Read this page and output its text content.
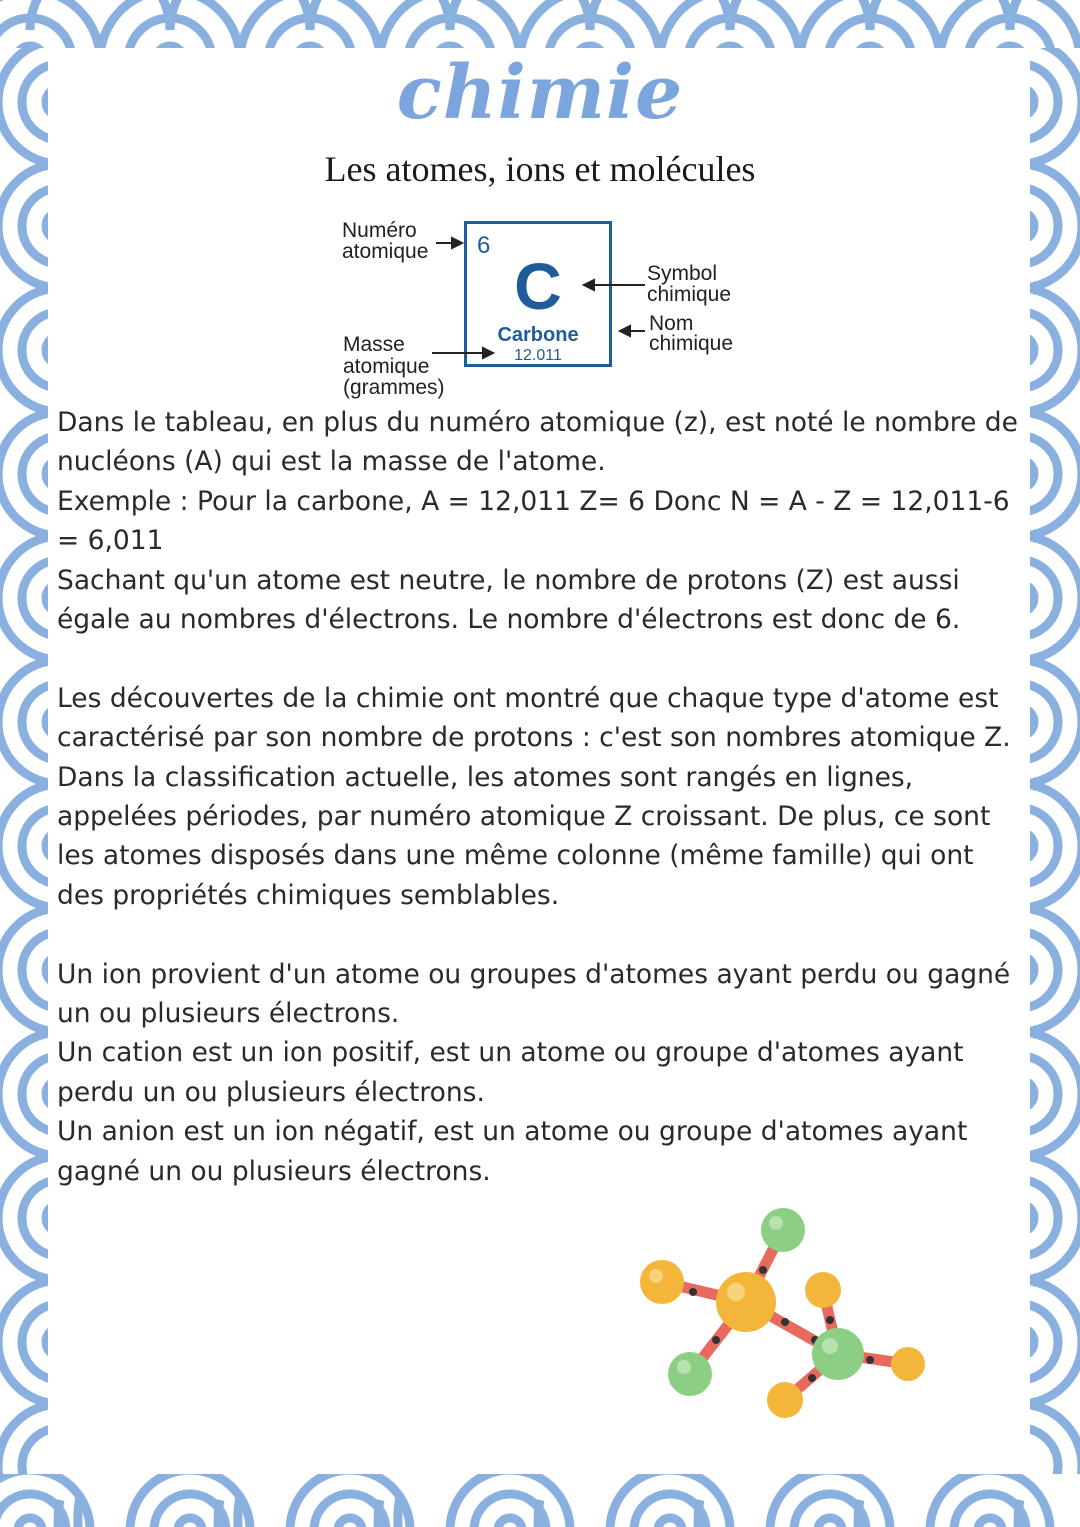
chimie
Les atomes, ions et molécules
Numéro
atomique
Masse
atomique
(grammes)
Symbol
chimique
Nom
chimique
6
C
Carbone
12.011

Dans le tableau, en plus du numéro atomique (z), est noté le nombre de nucléons (A) qui est la masse de l'atome.

Exemple : Pour la carbone, A = 12,011 Z= 6 Donc N = A - Z = 12,011-6 = 6,011

Sachant qu'un atome est neutre, le nombre de protons (Z) est aussi égale au nombres d'électrons. Le nombre d'électrons est donc de 6.

Les découvertes de la chimie ont montré que chaque type d'atome est caractérisé par son nombre de protons : c'est son nombres atomique Z. Dans la classification actuelle, les atomes sont rangés en lignes, appelées périodes, par numéro atomique Z croissant. De plus, ce sont les atomes disposés dans une même colonne (même famille) qui ont des propriétés chimiques semblables.

Un ion provient d'un atome ou groupes d'atomes ayant perdu ou gagné un ou plusieurs électrons.

Un cation est un ion positif, est un atome ou groupe d'atomes ayant perdu un ou plusieurs électrons.

Un anion est un ion négatif, est un atome ou groupe d'atomes ayant gagné un ou plusieurs électrons.
